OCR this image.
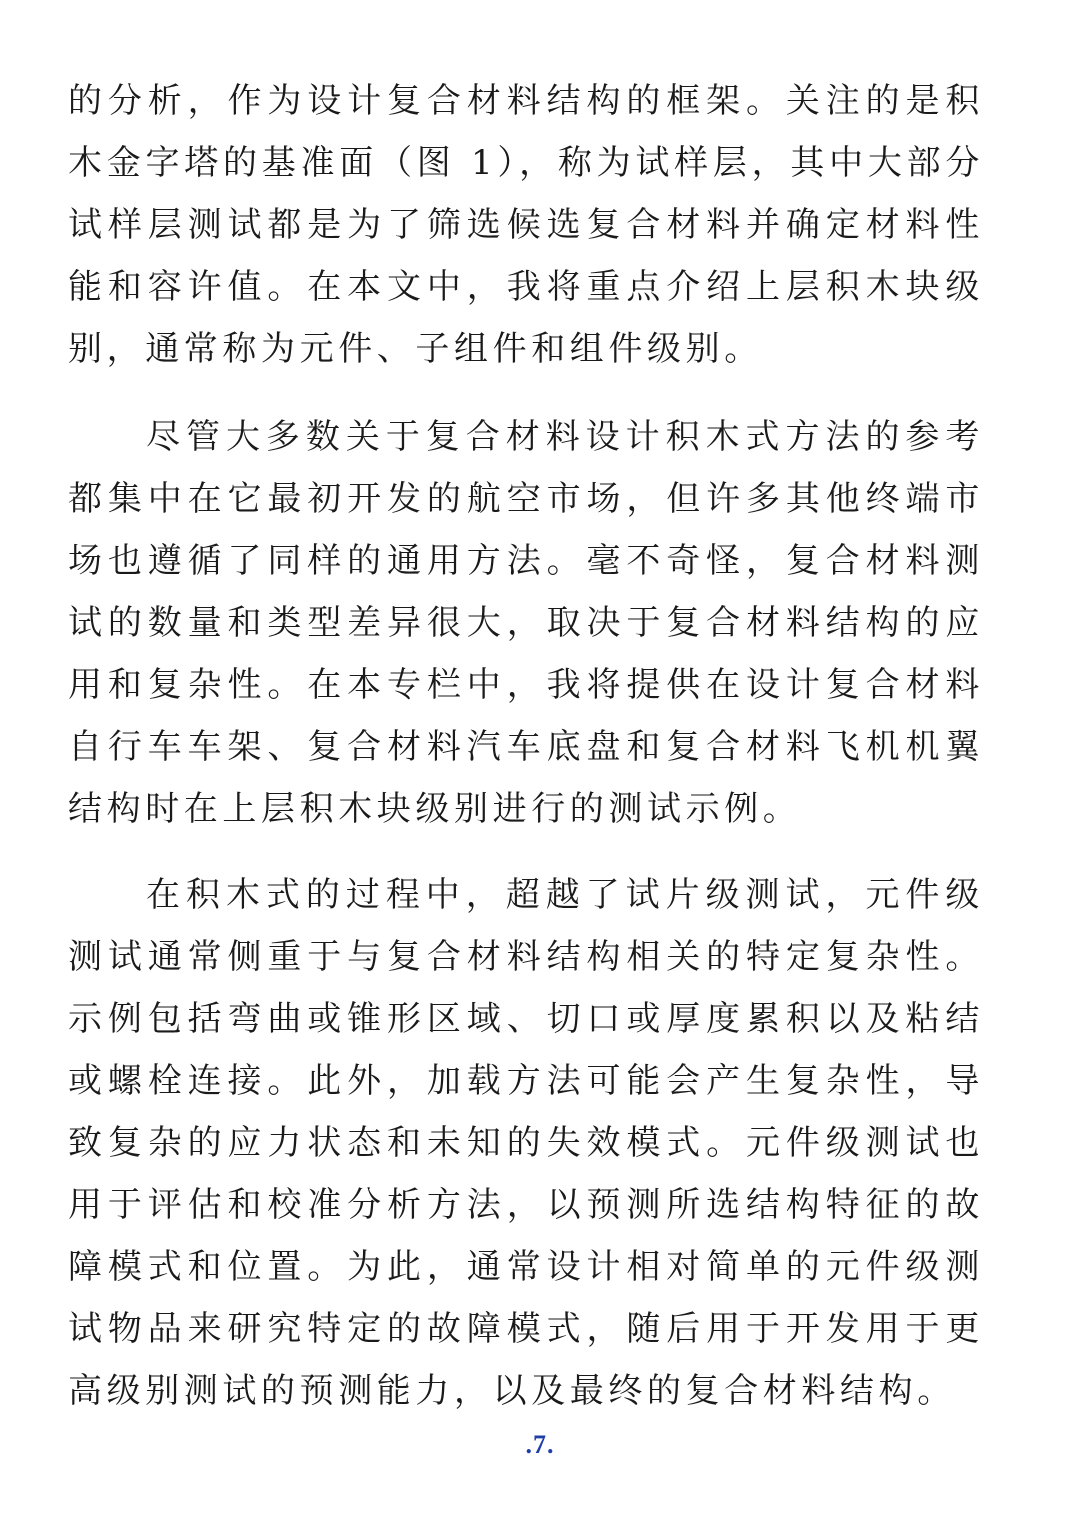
的分析，作为设计复合材料结构的框架。关注的是积木金字塔的基准面（图 1），称为试样层，其中大部分试样层测试都是为了筛选候选复合材料并确定材料性能和容许值。在本文中，我将重点介绍上层积木块级别，通常称为元件、子组件和组件级别。

尽管大多数关于复合材料设计积木式方法的参考都集中在它最初开发的航空市场，但许多其他终端市场也遵循了同样的通用方法。毫不奇怪，复合材料测试的数量和类型差异很大，取决于复合材料结构的应用和复杂性。在本专栏中，我将提供在设计复合材料自行车车架、复合材料汽车底盘和复合材料飞机机翼结构时在上层积木块级别进行的测试示例。

在积木式的过程中，超越了试片级测试，元件级测试通常侧重于与复合材料结构相关的特定复杂性。示例包括弯曲或锥形区域、切口或厚度累积以及粘结或螺栓连接。此外，加载方法可能会产生复杂性，导致复杂的应力状态和未知的失效模式。元件级测试也用于评估和校准分析方法，以预测所选结构特征的故障模式和位置。为此，通常设计相对简单的元件级测试物品来研究特定的故障模式，随后用于开发用于更高级别测试的预测能力，以及最终的复合材料结构。

.7.
